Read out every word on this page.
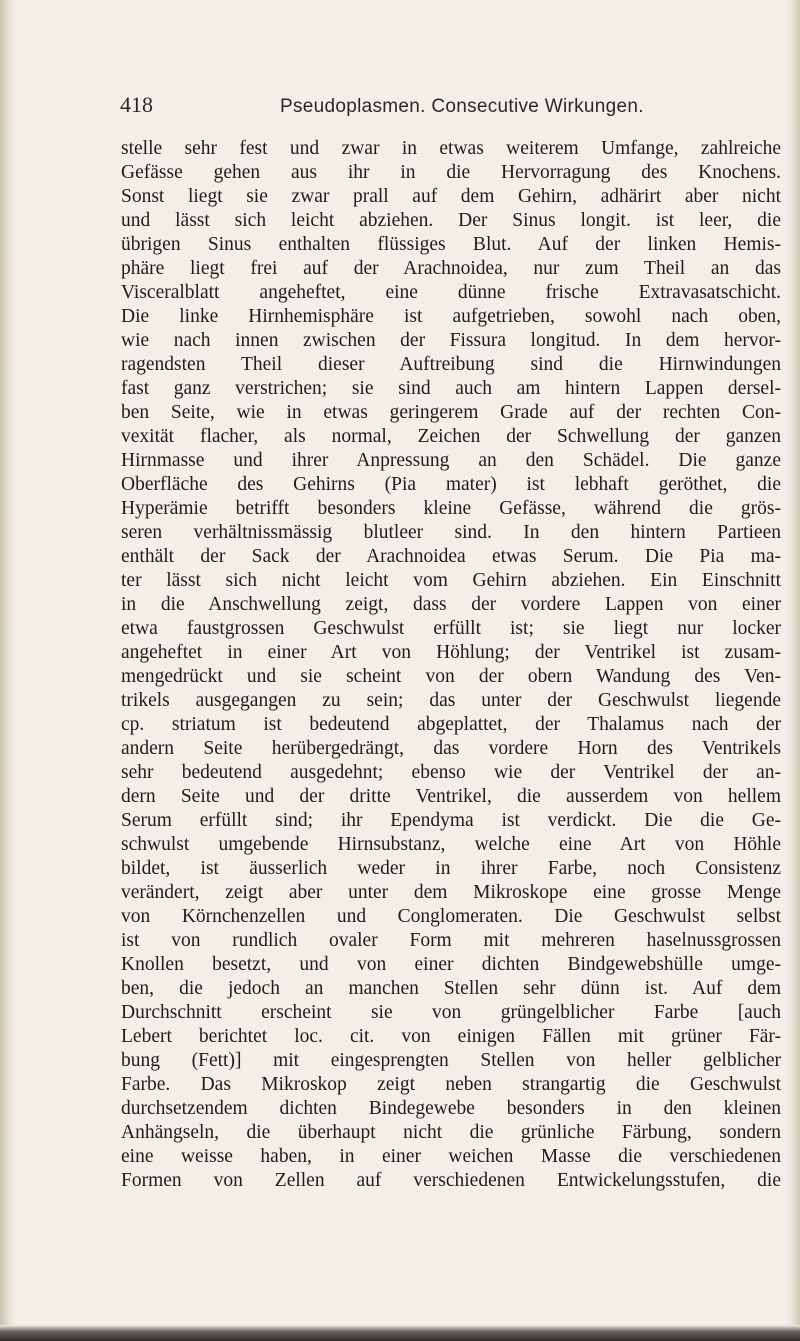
418	Pseudoplasmen. Consecutive Wirkungen.
stelle sehr fest und zwar in etwas weiterem Umfange, zahlreiche
Gefässe gehen aus ihr in die Hervorragung des Knochens.
Sonst liegt sie zwar prall auf dem Gehirn, adhärirt aber nicht
und lässt sich leicht abziehen. Der Sinus longit. ist leer, die
übrigen Sinus enthalten flüssiges Blut. Auf der linken Hemis-
phäre liegt frei auf der Arachnoidea, nur zum Theil an das
Visceralblatt angeheftet, eine dünne frische Extravasatschicht.
Die linke Hirnhemisphäre ist aufgetrieben, sowohl nach oben,
wie nach innen zwischen der Fissura longitud. In dem hervor-
ragendsten Theil dieser Auftreibung sind die Hirnwindungen
fast ganz verstrichen; sie sind auch am hintern Lappen dersel-
ben Seite, wie in etwas geringerem Grade auf der rechten Con-
vexität flacher, als normal, Zeichen der Schwellung der ganzen
Hirnmasse und ihrer Anpressung an den Schädel. Die ganze
Oberfläche des Gehirns (Pia mater) ist lebhaft geröthet, die
Hyperämie betrifft besonders kleine Gefässe, während die grös-
seren verhältnissmässig blutleer sind. In den hintern Partieen
enthält der Sack der Arachnoidea etwas Serum. Die Pia ma-
ter lässt sich nicht leicht vom Gehirn abziehen. Ein Einschnitt
in die Anschwellung zeigt, dass der vordere Lappen von einer
etwa faustgrossen Geschwulst erfüllt ist; sie liegt nur locker
angeheftet in einer Art von Höhlung; der Ventrikel ist zusam-
mengedrückt und sie scheint von der obern Wandung des Ven-
trikels ausgegangen zu sein; das unter der Geschwulst liegende
cp. striatum ist bedeutend abgeplattet, der Thalamus nach der
andern Seite herübergedrängt, das vordere Horn des Ventrikels
sehr bedeutend ausgedehnt; ebenso wie der Ventrikel der an-
dern Seite und der dritte Ventrikel, die ausserdem von hellem
Serum erfüllt sind; ihr Ependyma ist verdickt. Die die Ge-
schwulst umgebende Hirnsubstanz, welche eine Art von Höhle
bildet, ist äusserlich weder in ihrer Farbe, noch Consistenz
verändert, zeigt aber unter dem Mikroskope eine grosse Menge
von Körnchenzellen und Conglomeraten. Die Geschwulst selbst
ist von rundlich ovaler Form mit mehreren haselnussgrossen
Knollen besetzt, und von einer dichten Bindgewebshülle umge-
ben, die jedoch an manchen Stellen sehr dünn ist. Auf dem
Durchschnitt erscheint sie von grüngelblicher Farbe [auch
Lebert berichtet loc. cit. von einigen Fällen mit grüner Fär-
bung (Fett)] mit eingesprengten Stellen von heller gelblicher
Farbe. Das Mikroskop zeigt neben strangartig die Geschwulst
durchsetzendem dichten Bindegewebe besonders in den kleinen
Anhängseln, die überhaupt nicht die grünliche Färbung, sondern
eine weisse haben, in einer weichen Masse die verschiedenen
Formen von Zellen auf verschiedenen Entwickelungsstufen, die
